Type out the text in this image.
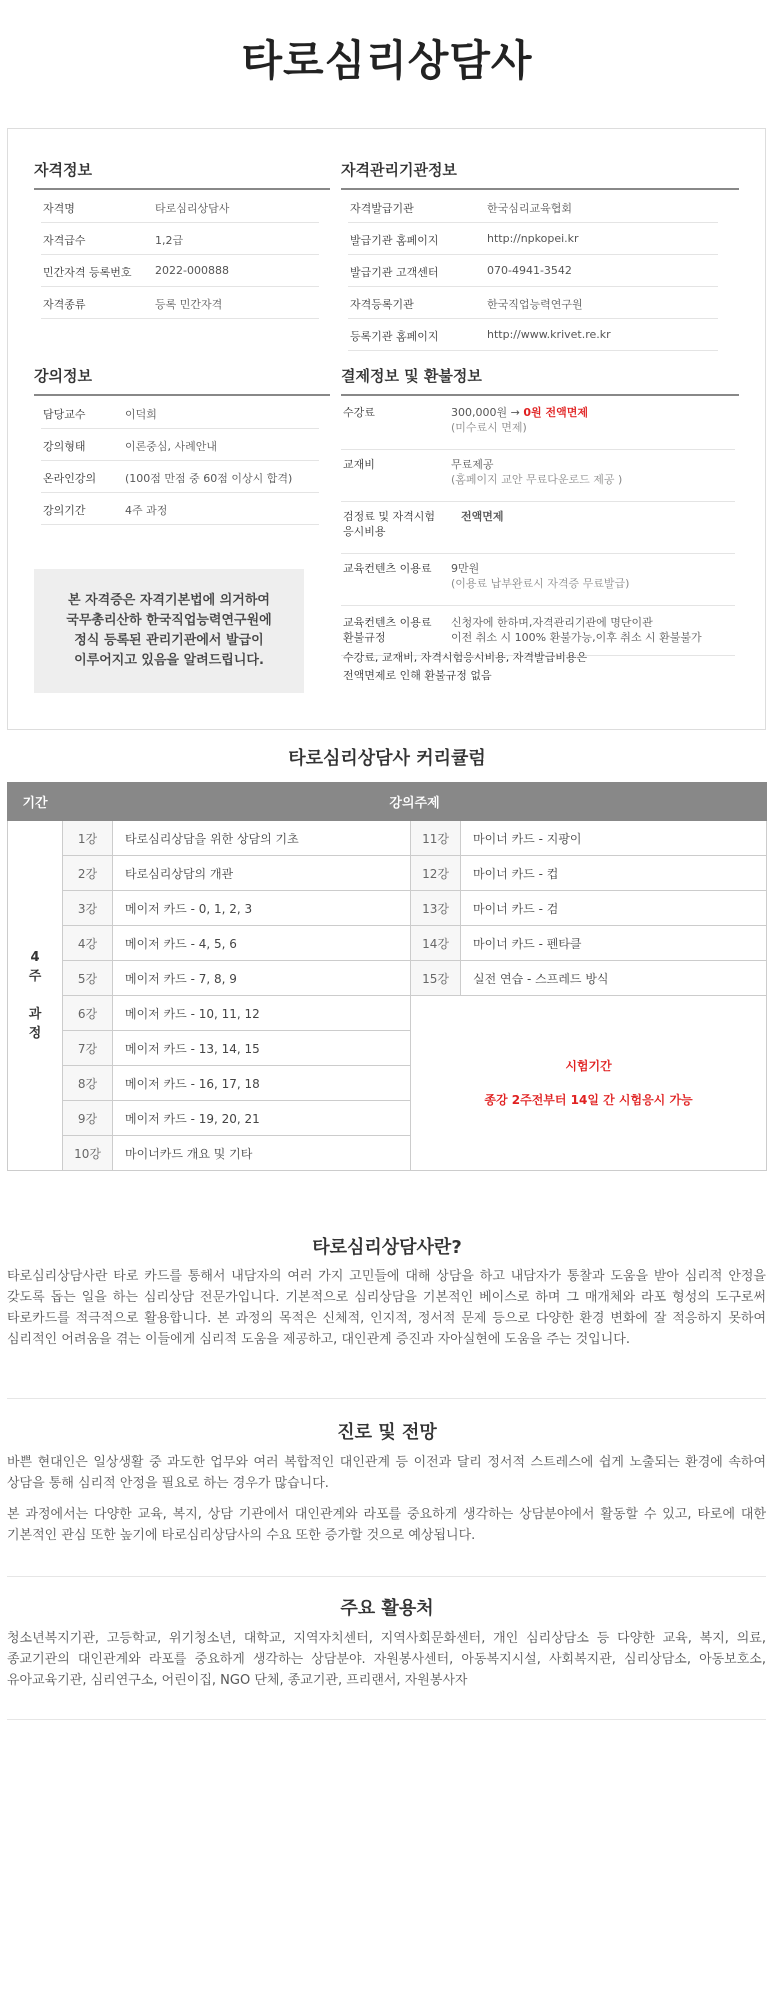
타로심리상담사
자격정보
자격명	타로심리상담사
자격급수	1,2급
민간자격 등록번호 2022-000888
자격종류	등록 민간자격
자격관리기관정보
자격발급기관	한국심리교육협회
발급기관 홈페이지	http://npkopei.kr
발급기관 고객센터	070-4941-3542
자격등록기관	한국직업능력연구원
등록기관 홈페이지	http://www.krivet.re.kr
강의정보
담당교수	이덕희
강의형태	이론중심, 사례안내
온라인강의	(100점 만점 중 60점 이상시 합격)
강의기간	4주 과정
본 자격증은 자격기본법에 의거하여
국무총리산하 한국직업능력연구원에
정식 등록된 관리기관에서 발급이
이루어지고 있음을 알려드립니다.
결제정보 및 환불정보
수강료	300,000원 → 0원 전액면제
(미수료시 면제)
교재비	무료제공
(홈페이지 교안 무료다운로드 제공 )
검정료 및 자격시험
응시비용
전액면제
교육컨텐츠 이용료 9만원
(이용료 납부완료시 자격증 무료발급)
교육컨텐츠 이용료
환불규정
신청자에 한하며,자격관리기관에 명단이관
이전 취소 시 100% 환불가능,이후 취소 시 환불불가
수강료, 교재비, 자격시험응시비용, 자격발급비용은
전액면제로 인해 환불규정 없음
타로심리상담사 커리큘럼
기간	강의주제			

4
주
과
정	1강	타로심리상담을 위한 상담의 기초	11강	마이너 카드 - 지팡이
	2강	타로심리상담의 개관	12강	마이너 카드 - 컵
	3강	메이저 카드 - 0, 1, 2, 3	13강	마이너 카드 - 검
	4강	메이저 카드 - 4, 5, 6	14강	마이너 카드 - 펜타클
	5강	메이저 카드 - 7, 8, 9	15강	실전 연습 - 스프레드 방식
	6강	메이저 카드 - 10, 11, 12	시험기간
종강 2주전부터 14일 간 시험응시 가능	

	7강	메이저 카드 - 13, 14, 15		
	8강	메이저 카드 - 16, 17, 18		
	9강	메이저 카드 - 19, 20, 21		
	10강	마이너카드 개요 및 기타		
타로심리상담사란?
타로심리상담사란 타로 카드를 통해서 내담자의 여러 가지 고민들에 대해 상담을 하고 내담자가 통찰과 도움을 받아 심리적 안정을 갖도록 돕는 일을 하는 심리상담 전문가입니다. 기본적으로 심리상담을 기본적인 베이스로 하며 그 매개체와 라포 형성의 도구로써 타로카드를 적극적으로 활용합니다. 본 과정의 목적은 신체적, 인지적, 정서적 문제 등으로 다양한 환경 변화에 잘 적응하지 못하여 심리적인 어려움을 겪는 이들에게 심리적 도움을 제공하고, 대인관계 증진과 자아실현에 도움을 주는 것입니다.
진로 및 전망
바쁜 현대인은 일상생활 중 과도한 업무와 여러 복합적인 대인관계 등 이전과 달리 정서적 스트레스에 쉽게 노출되는 환경에 속하여 상담을 통해 심리적 안정을 필요로 하는 경우가 많습니다.
본 과정에서는 다양한 교육, 복지, 상담 기관에서 대인관계와 라포를 중요하게 생각하는 상담분야에서 활동할 수 있고, 타로에 대한 기본적인 관심 또한 높기에 타로심리상담사의 수요 또한 증가할 것으로 예상됩니다.
주요 활용처
청소년복지기관, 고등학교, 위기청소년, 대학교, 지역자치센터, 지역사회문화센터, 개인 심리상담소 등 다양한 교육, 복지, 의료, 종교기관의 대인관계와 라포를 중요하게 생각하는 상담분야. 자원봉사센터, 아동복지시설, 사회복지관, 심리상담소, 아동보호소, 유아교육기관, 심리연구소, 어린이집, NGO 단체, 종교기관, 프리랜서, 자원봉사자
